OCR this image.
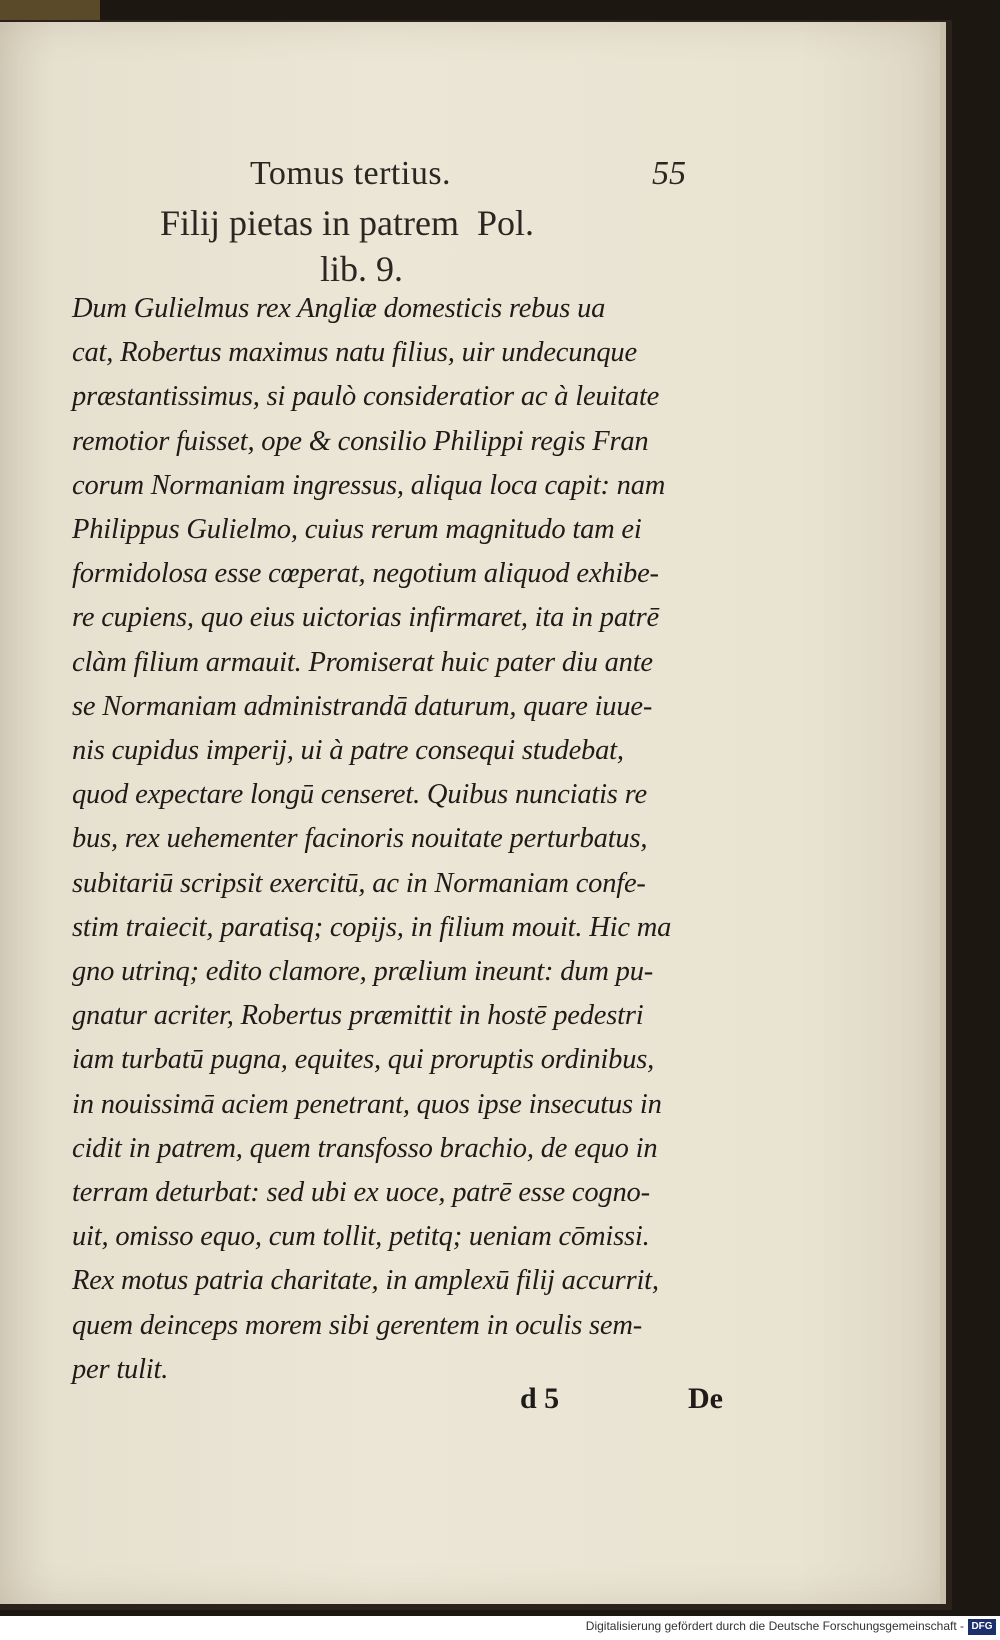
Tomus tertius.	55
Filij pietas in patrem  Pol.
lib. 9.
Dum Gulielmus rex Angliæ domesticis rebus ua
cat, Robertus maximus natu filius, uir undecunque
præstantissimus, si paulò consideratior ac à leuitate
remotior fuisset, ope & consilio Philippi regis Fran
corum Normaniam ingressus, aliqua loca capit: nam
Philippus Gulielmo, cuius rerum magnitudo tam ei
formidolosa esse cœperat, negotium aliquod exhibe-
re cupiens, quo eius uictorias infirmaret, ita in patrē
clàm filium armauit. Promiserat huic pater diu ante
se Normaniam administrandā daturum, quare iuue-
nis cupidus imperij, ui à patre consequi studebat,
quod expectare longū censeret. Quibus nunciatis re
bus, rex uehementer facinoris nouitate perturbatus,
subitariū scripsit exercitū, ac in Normaniam confe-
stim traiecit, paratisq; copijs, in filium mouit. Hic ma
gno utrinq; edito clamore, prælium ineunt: dum pu-
gnatur acriter, Robertus præmittit in hostē pedestri
iam turbatū pugna, equites, qui proruptis ordinibus,
in nouissimā aciem penetrant, quos ipse insecutus in
cidit in patrem, quem transfosso brachio, de equo in
terram deturbat: sed ubi ex uoce, patrē esse cogno-
uit, omisso equo, cum tollit, petitq; ueniam cōmissi.
Rex motus patria charitate, in amplexū filij accurrit,
quem deinceps morem sibi gerentem in oculis sem-
per tulit.
d 5	De
Digitalisierung gefördert durch die Deutsche Forschungsgemeinschaft - DFG
